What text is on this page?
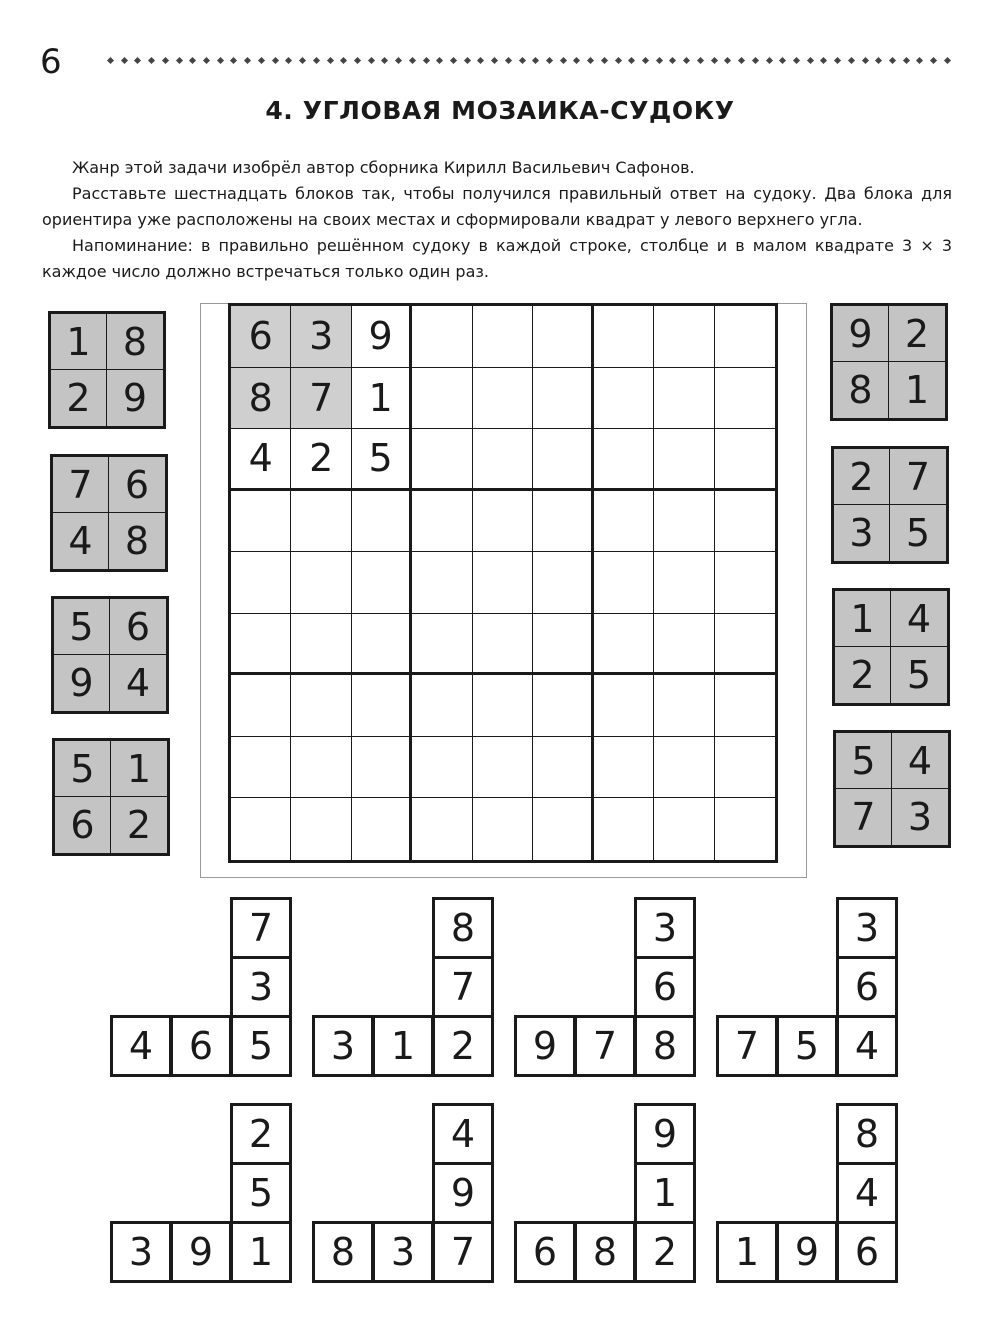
6
4. УГЛОВАЯ МОЗАИКА-СУДОКУ

Жанр этой задачи изобрёл автор сборника Кирилл Васильевич Сафонов.

Расставьте шестнадцать блоков так, чтобы получился правильный ответ на судоку. Два блока для ориентира уже расположены на своих местах и сформировали квадрат у левого верхнего угла.

Напоминание: в правильно решённом судоку в каждой строке, столбце и в малом квадрате 3 × 3 каждое число должно встречаться только один раз.

6 3 9
8 7 1
4 2 5
1 8
2 9
7 6
4 8
5 6
9 4
5 1
6 2
9 2
8 1
2 7
3 5
1 4
2 5
5 4
7 3
7
3
4 6 5
8
7
3 1 2
3
6
9 7 8
3
6
7 5 4
2
5
3 9 1
4
9
8 3 7
9
1
6 8 2
8
4
1 9 6
